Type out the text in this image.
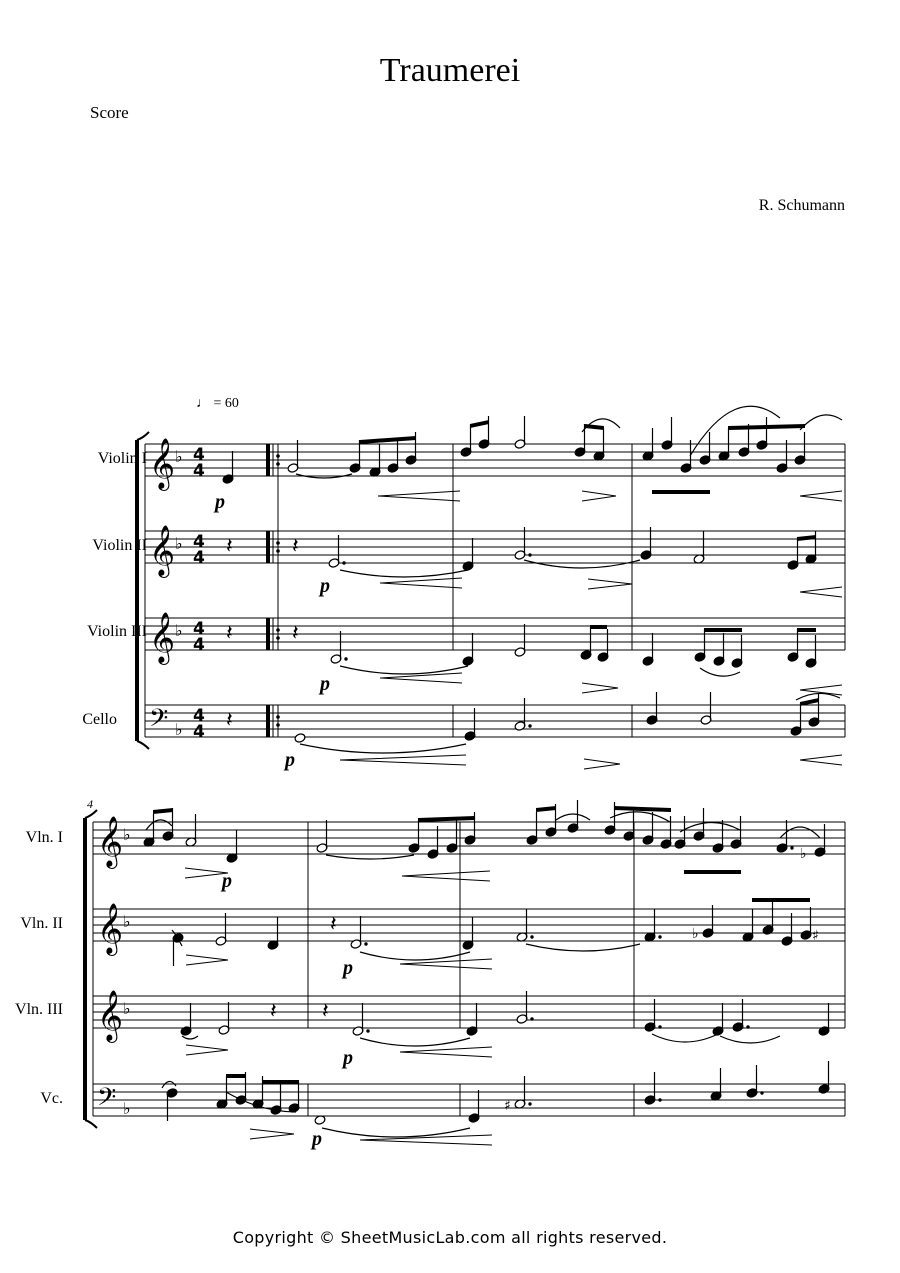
Traumerei
Score
R. Schumann
♩ = 60
Violin I
Violin II
Violin III
Cello
Vln. I
Vln. II
Vln. III
Vc.
Copyright © SheetMusicLab.com all rights reserved.
𝄞 ♭ 4
4
𝄞 ♭ 4
4
𝄞 ♭ 4
4
𝄢 ♭
4
4
𝄞 ♭
𝄞 ♭
𝄞 ♭
𝄢 ♭
𝄽	𝄽
𝄽	𝄽
𝄽
♭
𝄽	♭	♯
𝄽 𝄽
♯
p
p
p
p
p
p
p
p
4
